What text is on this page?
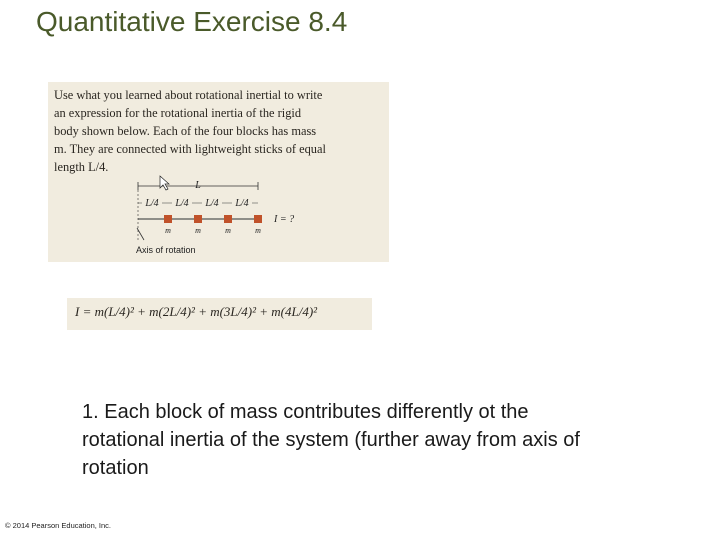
Quantitative Exercise 8.4

Use what you learned about rotational inertial to write
an expression for the rotational inertia of the rigid
body shown below. Each of the four blocks has mass
m. They are connected with lightweight sticks of equal
length L/4.

L
L/4 L/4 L/4 L/4
I = ?
m	m	m	m
Axis of rotation
I = m(L/4)² + m(2L/4)² + m(3L/4)² + m(4L/4)²

1. Each block of mass contributes differently ot the rotational inertia of the system (further away from axis of rotation

© 2014 Pearson Education, Inc.
